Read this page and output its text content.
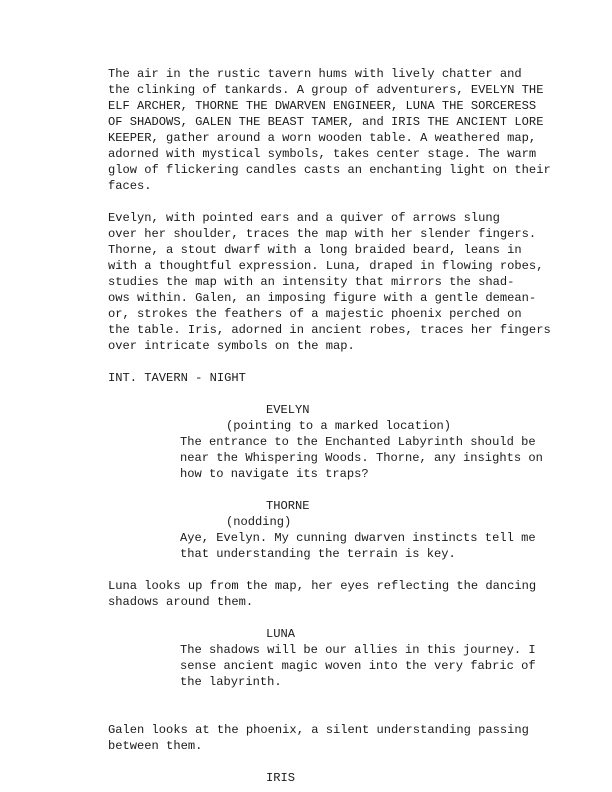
The air in the rustic tavern hums with lively chatter and
the clinking of tankards. A group of adventurers, EVELYN THE
ELF ARCHER, THORNE THE DWARVEN ENGINEER, LUNA THE SORCERESS
OF SHADOWS, GALEN THE BEAST TAMER, and IRIS THE ANCIENT LORE
KEEPER, gather around a worn wooden table. A weathered map,
adorned with mystical symbols, takes center stage. The warm
glow of flickering candles casts an enchanting light on their
faces.
Evelyn, with pointed ears and a quiver of arrows slung
over her shoulder, traces the map with her slender fingers.
Thorne, a stout dwarf with a long braided beard, leans in
with a thoughtful expression. Luna, draped in flowing robes,
studies the map with an intensity that mirrors the shad-
ows within. Galen, an imposing figure with a gentle demean-
or, strokes the feathers of a majestic phoenix perched on
the table. Iris, adorned in ancient robes, traces her fingers
over intricate symbols on the map.
INT. TAVERN - NIGHT
EVELYN
(pointing to a marked location)
The entrance to the Enchanted Labyrinth should be
near the Whispering Woods. Thorne, any insights on
how to navigate its traps?
THORNE
(nodding)
Aye, Evelyn. My cunning dwarven instincts tell me
that understanding the terrain is key.
Luna looks up from the map, her eyes reflecting the dancing
shadows around them.
LUNA
The shadows will be our allies in this journey. I
sense ancient magic woven into the very fabric of
the labyrinth.
Galen looks at the phoenix, a silent understanding passing
between them.
IRIS
